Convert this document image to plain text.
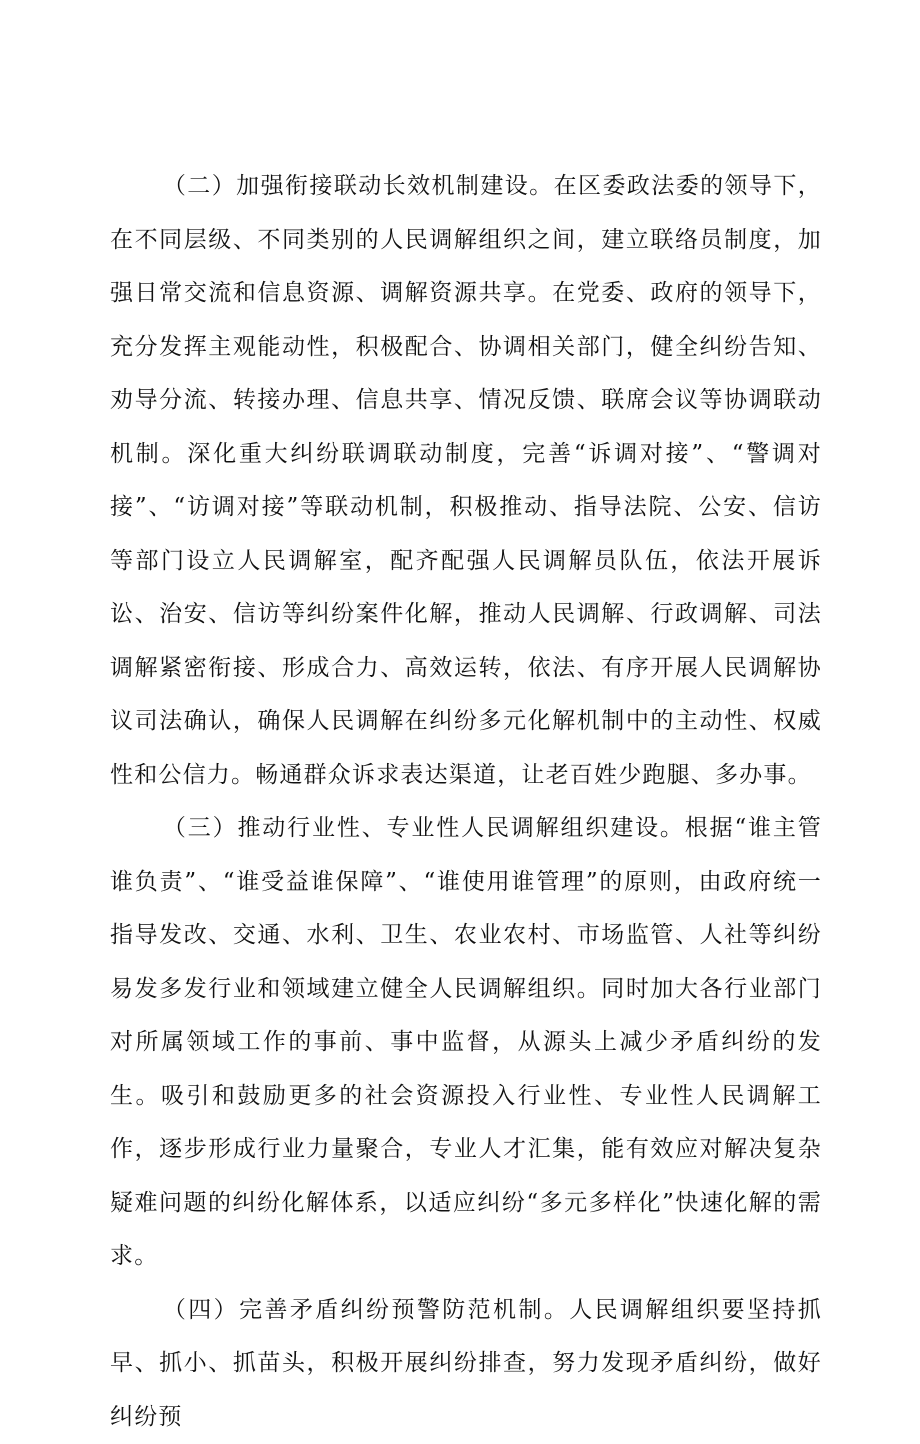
（二）加强衔接联动长效机制建设。在区委政法委的领导下，在不同层级、不同类别的人民调解组织之间，建立联络员制度，加强日常交流和信息资源、调解资源共享。在党委、政府的领导下，充分发挥主观能动性，积极配合、协调相关部门，健全纠纷告知、劝导分流、转接办理、信息共享、情况反馈、联席会议等协调联动机制。深化重大纠纷联调联动制度，完善“诉调对接”、“警调对接”、“访调对接”等联动机制，积极推动、指导法院、公安、信访等部门设立人民调解室，配齐配强人民调解员队伍，依法开展诉讼、治安、信访等纠纷案件化解，推动人民调解、行政调解、司法调解紧密衔接、形成合力、高效运转，依法、有序开展人民调解协议司法确认，确保人民调解在纠纷多元化解机制中的主动性、权威性和公信力。畅通群众诉求表达渠道，让老百姓少跑腿、多办事。

（三）推动行业性、专业性人民调解组织建设。根据“谁主管谁负责”、“谁受益谁保障”、“谁使用谁管理”的原则，由政府统一指导发改、交通、水利、卫生、农业农村、市场监管、人社等纠纷易发多发行业和领域建立健全人民调解组织。同时加大各行业部门对所属领域工作的事前、事中监督，从源头上减少矛盾纠纷的发生。吸引和鼓励更多的社会资源投入行业性、专业性人民调解工作，逐步形成行业力量聚合，专业人才汇集，能有效应对解决复杂疑难问题的纠纷化解体系，以适应纠纷“多元多样化”快速化解的需求。

（四）完善矛盾纠纷预警防范机制。人民调解组织要坚持抓早、抓小、抓苗头，积极开展纠纷排查，努力发现矛盾纠纷，做好纠纷预
